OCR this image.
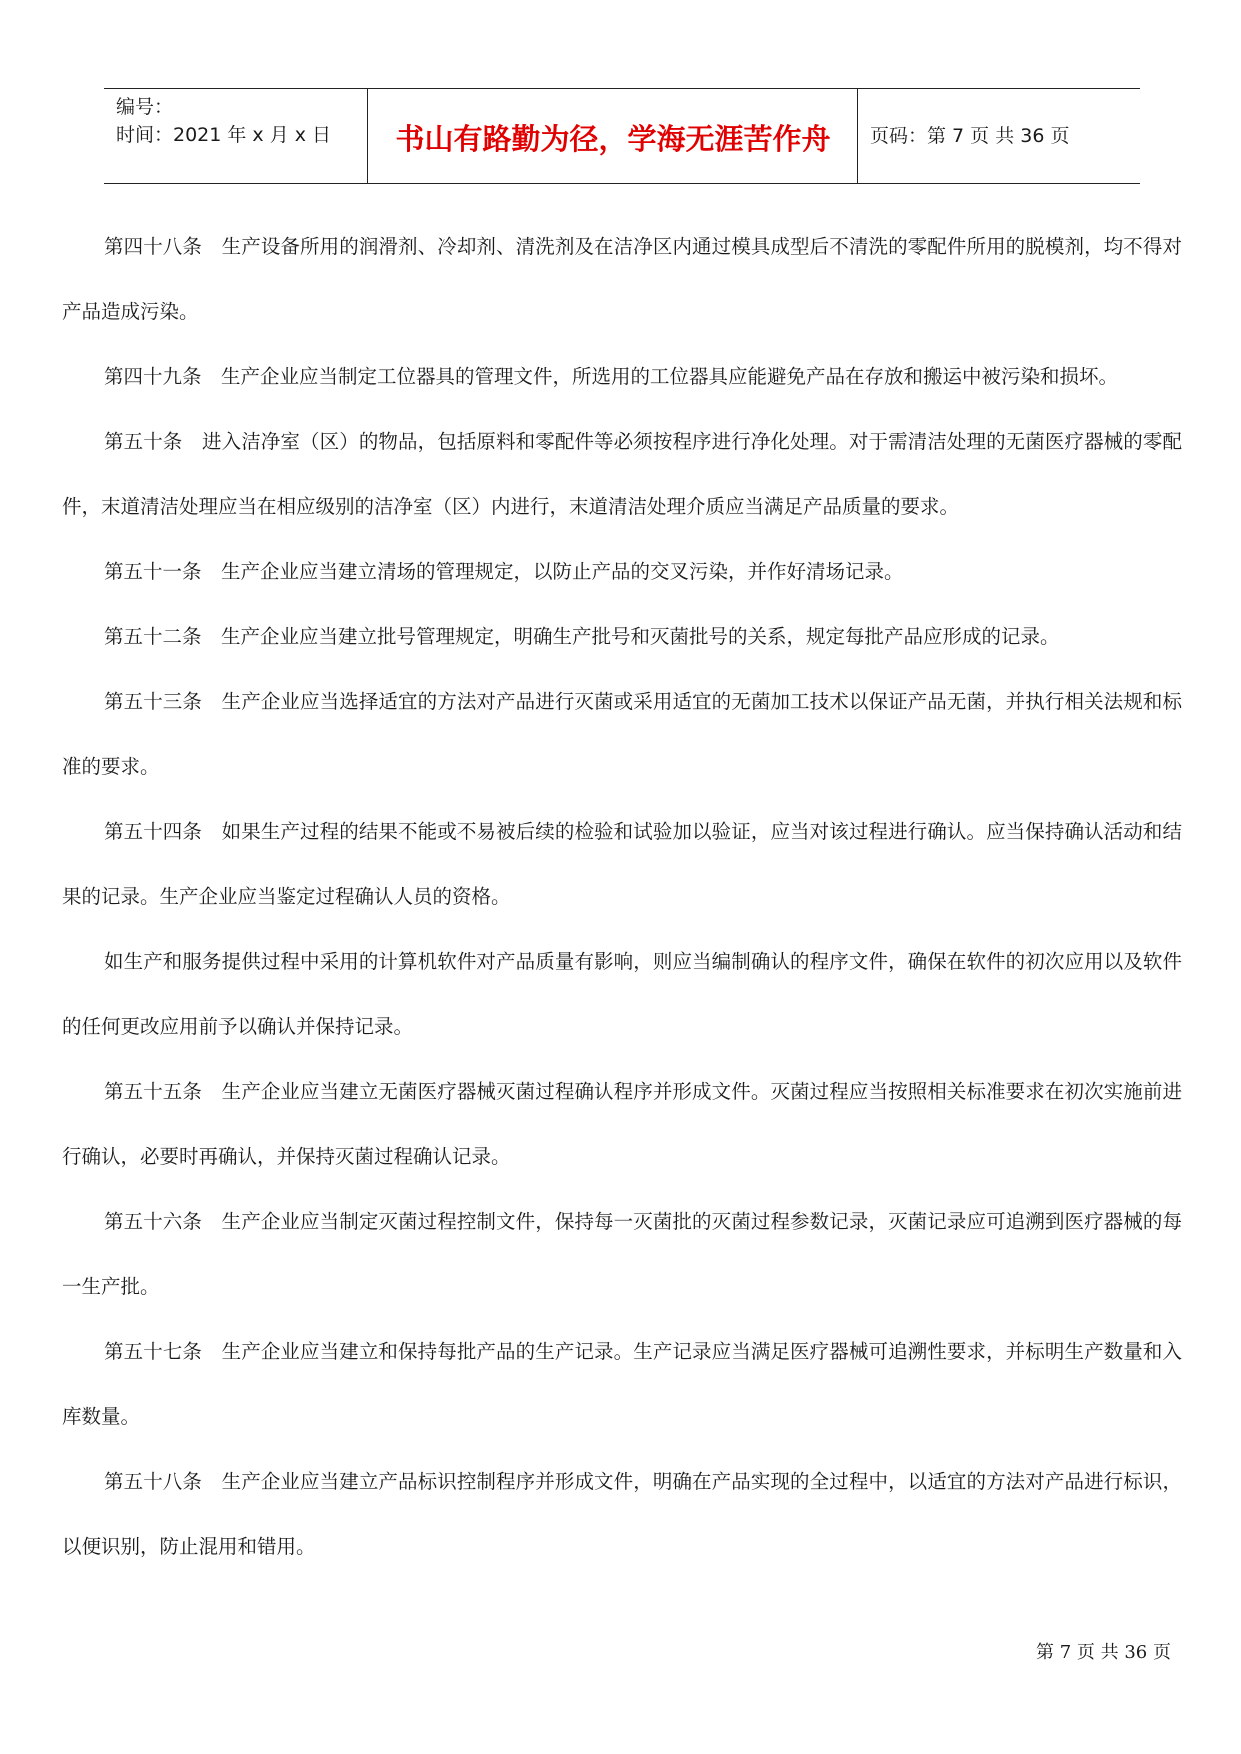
编号：
时间：2021 年 x 月 x 日	书山有路勤为径，学海无涯苦作舟	页码：第 7 页 共 36 页

第四十八条　生产设备所用的润滑剂、冷却剂、清洗剂及在洁净区内通过模具成型后不清洗的零配件所用的脱模剂，均不得对产品造成污染。

第四十九条　生产企业应当制定工位器具的管理文件，所选用的工位器具应能避免产品在存放和搬运中被污染和损坏。

第五十条　进入洁净室（区）的物品，包括原料和零配件等必须按程序进行净化处理。对于需清洁处理的无菌医疗器械的零配件，末道清洁处理应当在相应级别的洁净室（区）内进行，末道清洁处理介质应当满足产品质量的要求。

第五十一条　生产企业应当建立清场的管理规定，以防止产品的交叉污染，并作好清场记录。

第五十二条　生产企业应当建立批号管理规定，明确生产批号和灭菌批号的关系，规定每批产品应形成的记录。

第五十三条　生产企业应当选择适宜的方法对产品进行灭菌或采用适宜的无菌加工技术以保证产品无菌，并执行相关法规和标准的要求。

第五十四条　如果生产过程的结果不能或不易被后续的检验和试验加以验证，应当对该过程进行确认。应当保持确认活动和结果的记录。生产企业应当鉴定过程确认人员的资格。

如生产和服务提供过程中采用的计算机软件对产品质量有影响，则应当编制确认的程序文件，确保在软件的初次应用以及软件的任何更改应用前予以确认并保持记录。

第五十五条　生产企业应当建立无菌医疗器械灭菌过程确认程序并形成文件。灭菌过程应当按照相关标准要求在初次实施前进行确认，必要时再确认，并保持灭菌过程确认记录。

第五十六条　生产企业应当制定灭菌过程控制文件，保持每一灭菌批的灭菌过程参数记录，灭菌记录应可追溯到医疗器械的每一生产批。

第五十七条　生产企业应当建立和保持每批产品的生产记录。生产记录应当满足医疗器械可追溯性要求，并标明生产数量和入库数量。

第五十八条　生产企业应当建立产品标识控制程序并形成文件，明确在产品实现的全过程中，以适宜的方法对产品进行标识，以便识别，防止混用和错用。

第 7 页 共 36 页
